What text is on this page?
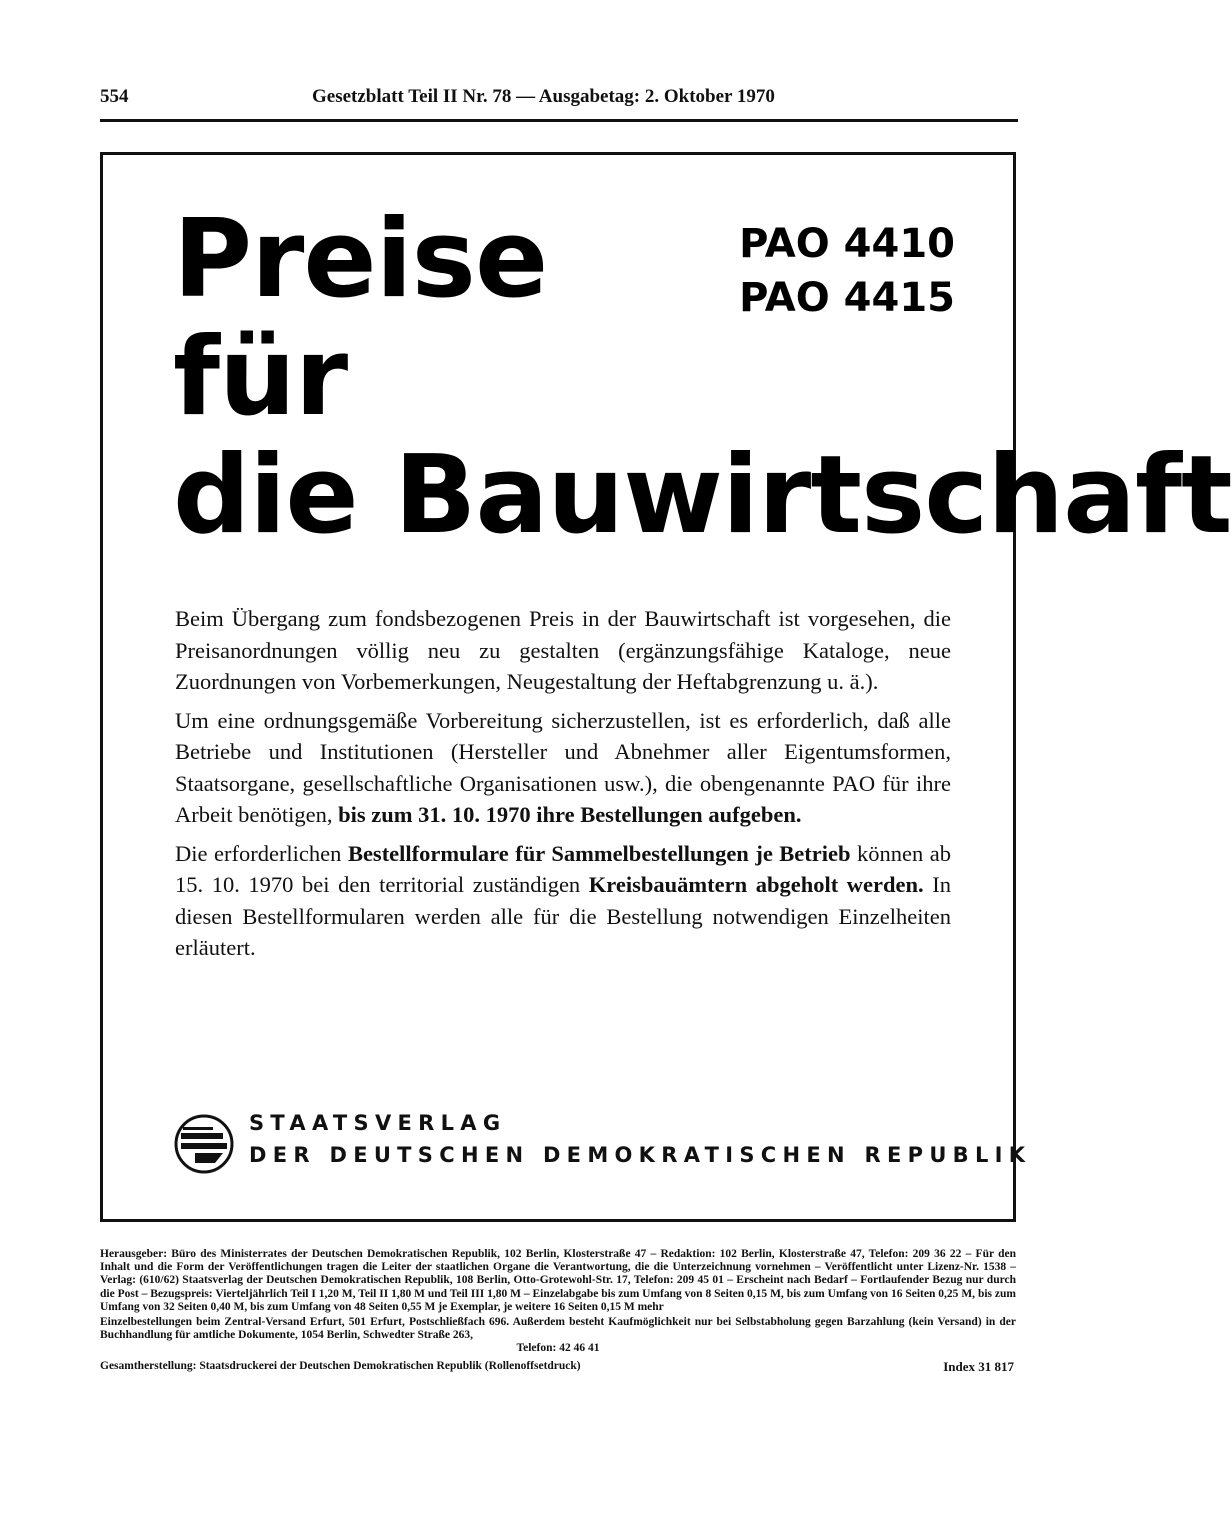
554	Gesetzblatt Teil II Nr. 78 — Ausgabetag: 2. Oktober 1970
Preise
für
die Bauwirtschaft
PAO 4410
PAO 4415

Beim Übergang zum fondsbezogenen Preis in der Bauwirtschaft ist vorgesehen, die Preisanordnungen völlig neu zu gestalten (ergänzungsfähige Kataloge, neue Zuordnungen von Vorbemerkungen, Neugestaltung der Heftabgrenzung u. ä.).

Um eine ordnungsgemäße Vorbereitung sicherzustellen, ist es erforderlich, daß alle Betriebe und Institutionen (Hersteller und Abnehmer aller Eigentumsformen, Staatsorgane, gesellschaftliche Organisationen usw.), die obengenannte PAO für ihre Arbeit benötigen, bis zum 31. 10. 1970 ihre Bestellungen aufgeben.

Die erforderlichen Bestellformulare für Sammelbestellungen je Betrieb können ab 15. 10. 1970 bei den territorial zuständigen Kreisbauämtern abgeholt werden. In diesen Bestellformularen werden alle für die Bestellung notwendigen Einzelheiten erläutert.

STAATSVERLAG
DER DEUTSCHEN DEMOKRATISCHEN REPUBLIK

Herausgeber: Büro des Ministerrates der Deutschen Demokratischen Republik, 102 Berlin, Klosterstraße 47 – Redaktion: 102 Berlin, Klosterstraße 47, Telefon: 209 36 22 – Für den Inhalt und die Form der Veröffentlichungen tragen die Leiter der staatlichen Organe die Verantwortung, die die Unterzeichnung vornehmen – Veröffentlicht unter Lizenz-Nr. 1538 – Verlag: (610/62) Staatsverlag der Deutschen Demokratischen Republik, 108 Berlin, Otto-Grotewohl-Str. 17, Telefon: 209 45 01 – Erscheint nach Bedarf – Fortlaufender Bezug nur durch die Post – Bezugspreis: Vierteljährlich Teil I 1,20 M, Teil II 1,80 M und Teil III 1,80 M – Einzelabgabe bis zum Umfang von 8 Seiten 0,15 M, bis zum Umfang von 16 Seiten 0,25 M, bis zum Umfang von 32 Seiten 0,40 M, bis zum Umfang von 48 Seiten 0,55 M je Exemplar, je weitere 16 Seiten 0,15 M mehr

Einzelbestellungen beim Zentral-Versand Erfurt, 501 Erfurt, Postschließfach 696. Außerdem besteht Kaufmöglichkeit nur bei Selbstabholung gegen Barzahlung (kein Versand) in der Buchhandlung für amtliche Dokumente, 1054 Berlin, Schwedter Straße 263,

Telefon: 42 46 41

Gesamtherstellung: Staatsdruckerei der Deutschen Demokratischen Republik (Rollenoffsetdruck)	Index 31 817
